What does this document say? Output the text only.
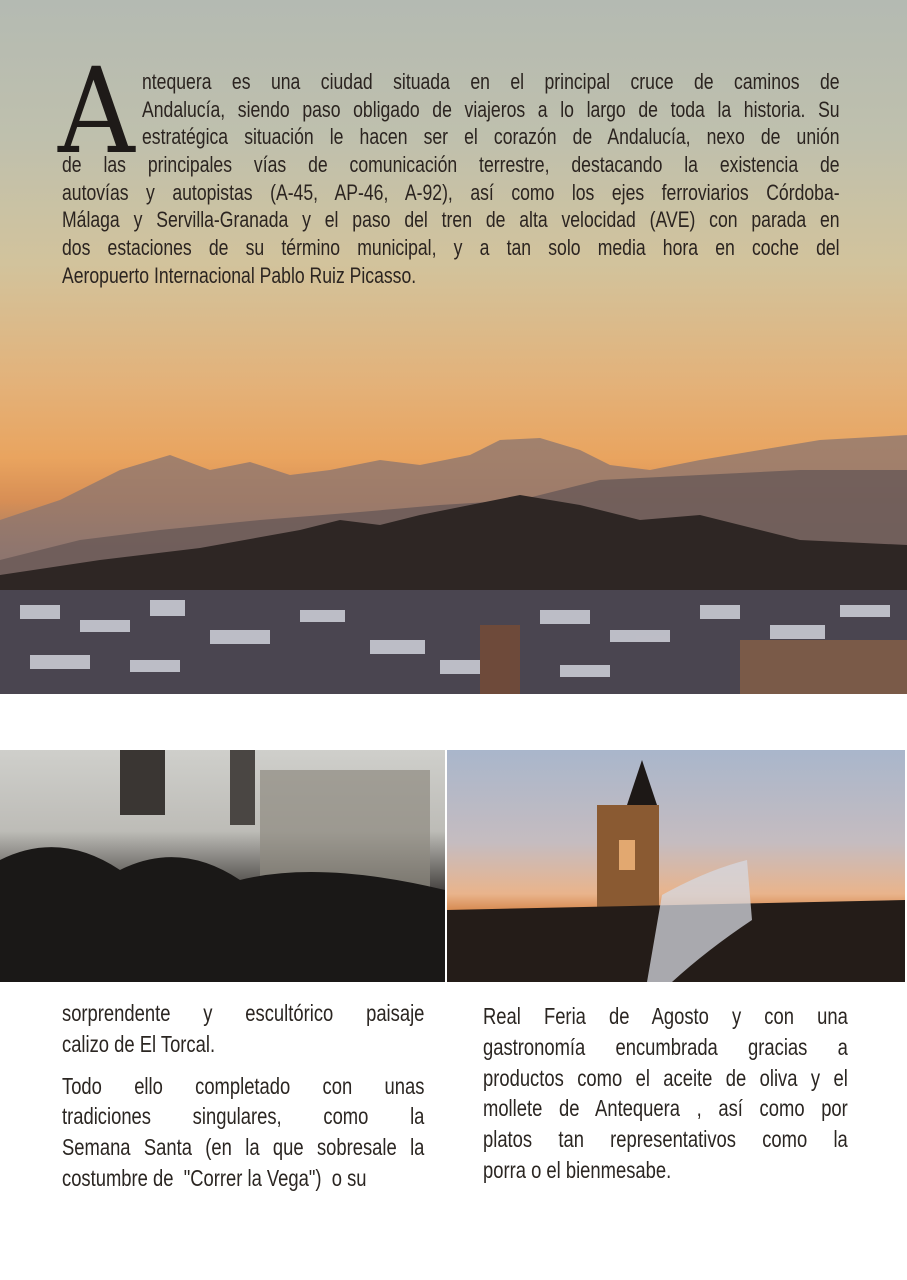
A ntequera es una ciudad situada en el principal cruce de caminos de
Andalucía, siendo paso obligado de viajeros a lo largo de toda la historia. Su
estratégica situación le hacen ser el corazón de Andalucía, nexo de unión
de las principales vías de comunicación terrestre, destacando la existencia de
autovías y autopistas (A-45, AP-46, A-92), así como los ejes ferroviarios Córdoba-
Málaga y Servilla-Granada y el paso del tren de alta velocidad (AVE) con parada en
dos estaciones de su término municipal, y a tan solo media hora en coche del
Aeropuerto Internacional Pablo Ruiz Picasso.
sorprendente y escultórico paisaje
calizo de El Torcal.
Todo ello completado con unas
tradiciones singulares, como la
Semana Santa (en la que sobresale la
costumbre de  "Correr la Vega")  o su
Real Feria de Agosto y con una
gastronomía encumbrada gracias a
productos como el aceite de oliva y el
mollete de Antequera , así como por
platos tan representativos como la
porra o el bienmesabe.
